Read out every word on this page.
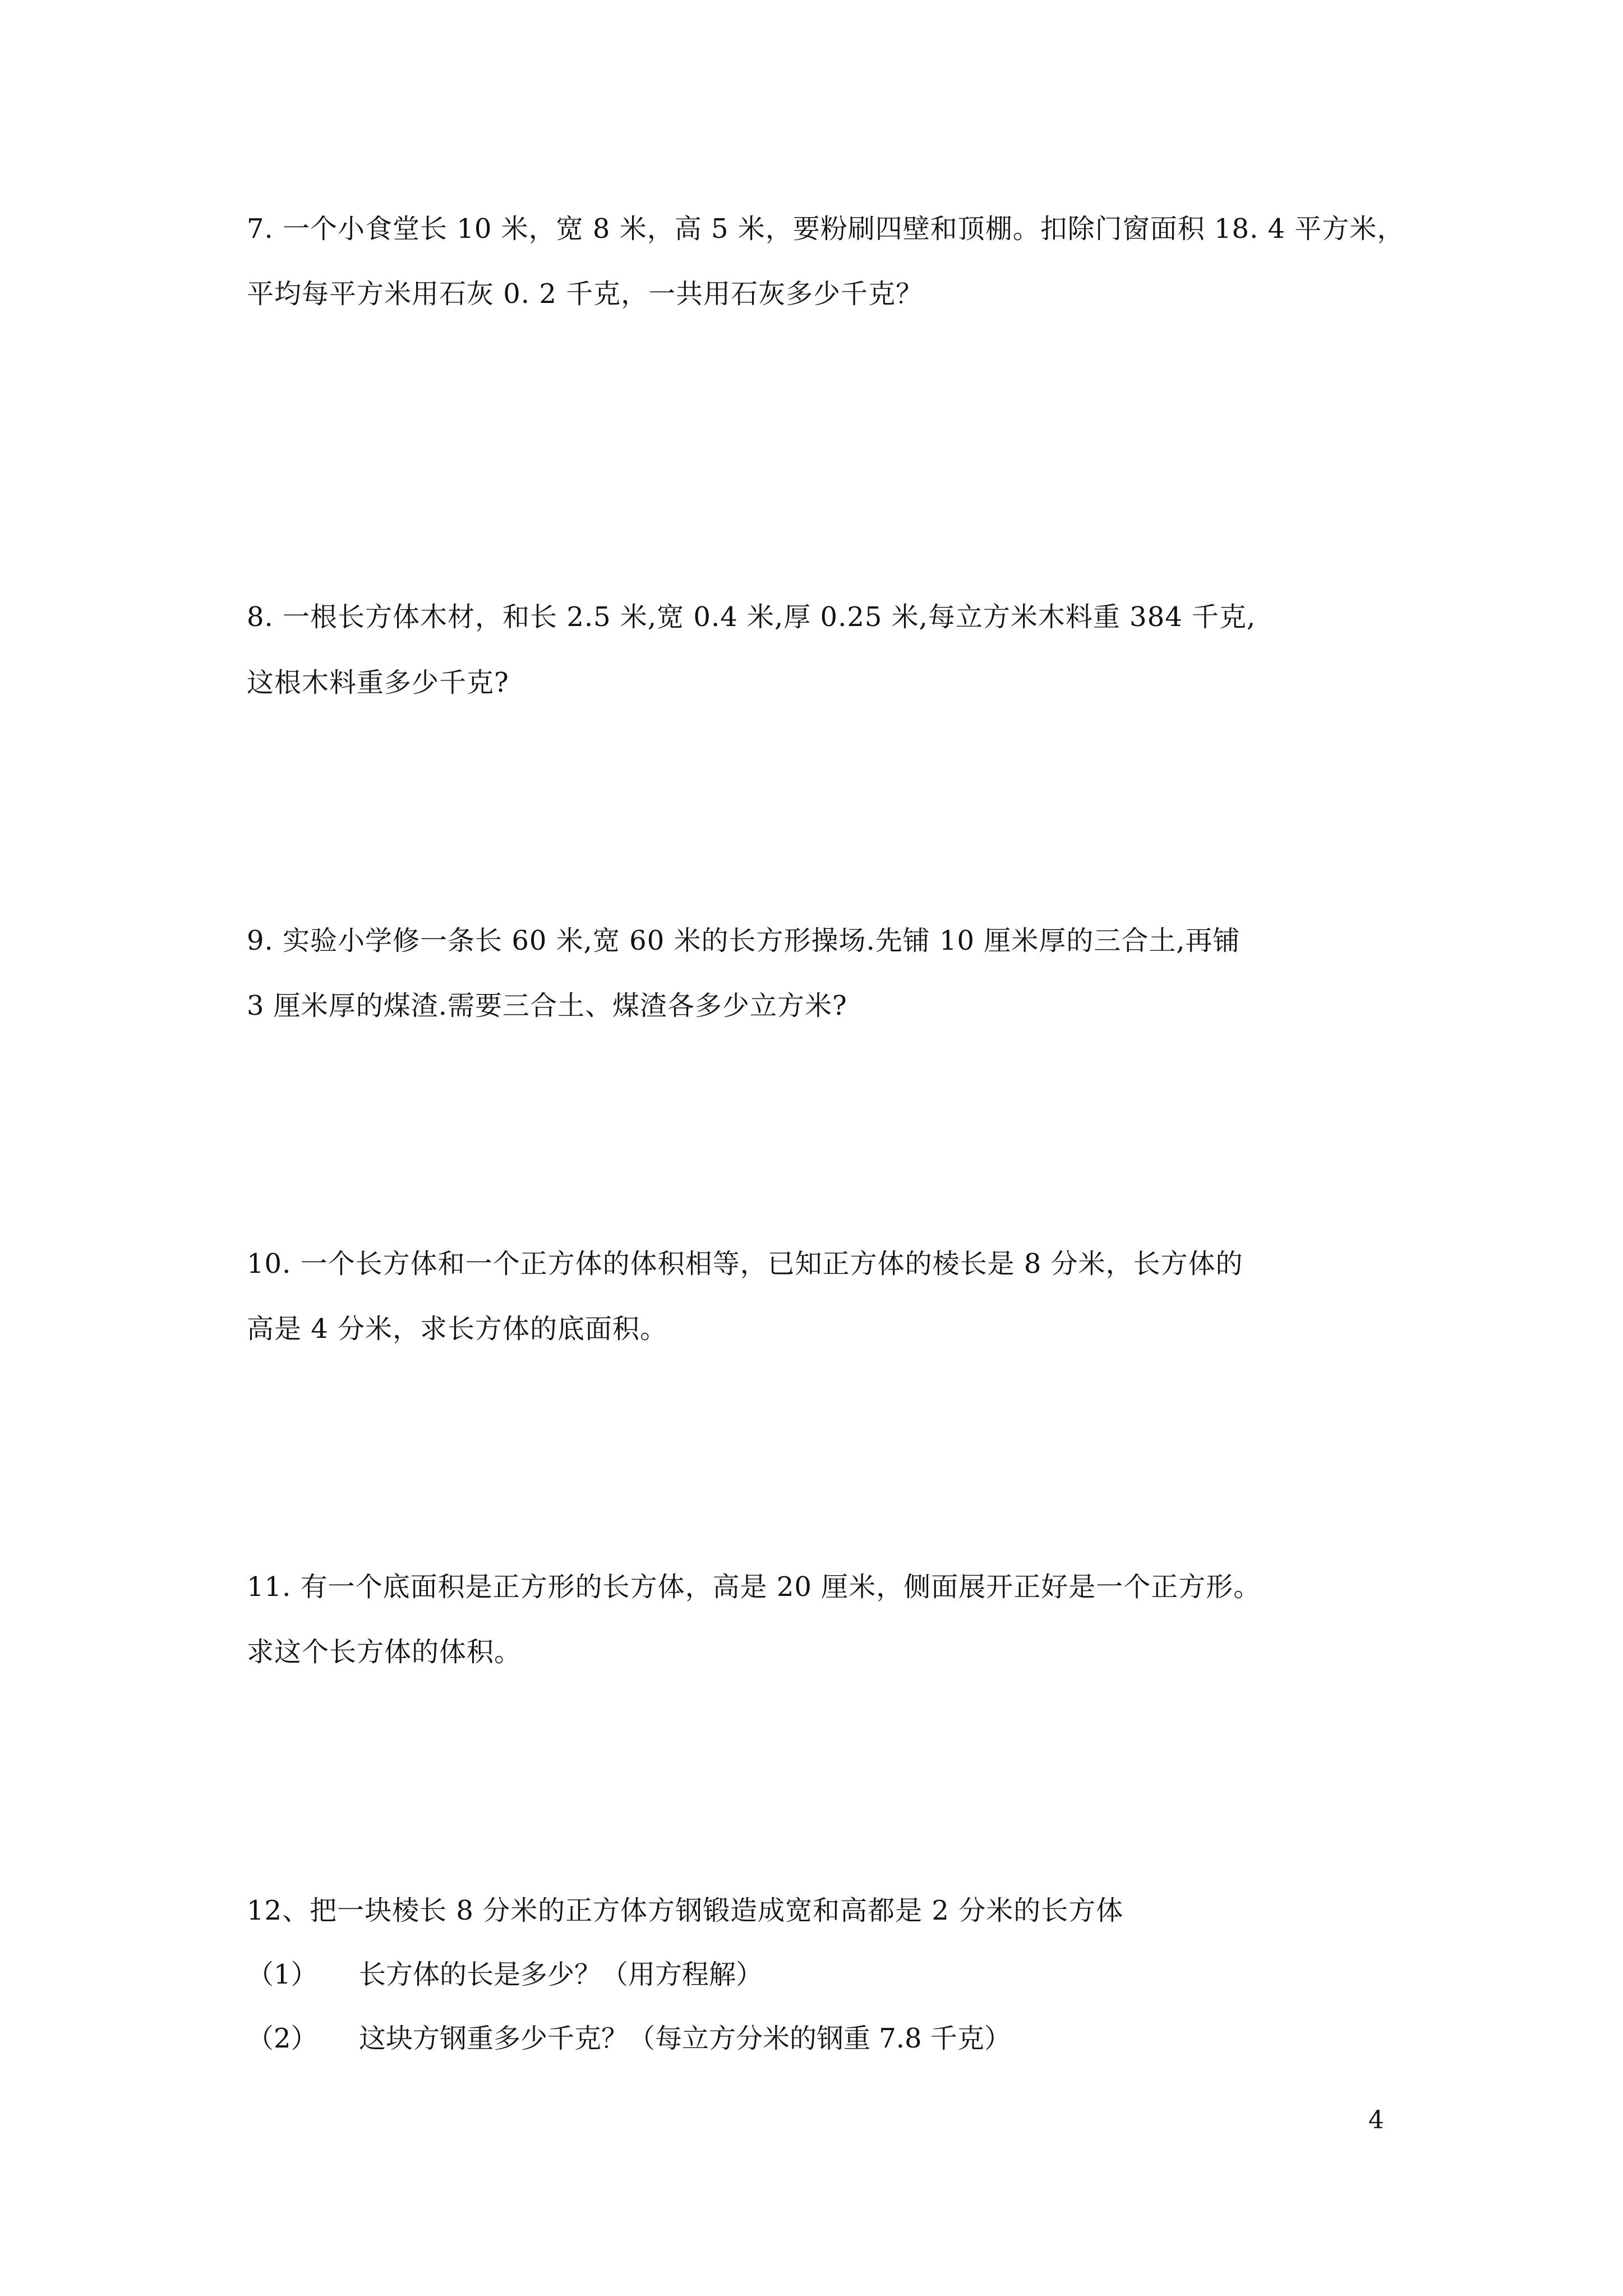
7. 一个小食堂长 10 米，宽 8 米，高 5 米，要粉刷四壁和顶棚。扣除门窗面积 18. 4 平方米，
平均每平方米用石灰 0. 2 千克，一共用石灰多少千克？
8. 一根长方体木材，和长 2.5 米,宽 0.4 米,厚 0.25 米,每立方米木料重 384 千克,
这根木料重多少千克?
9. 实验小学修一条长 60 米,宽 60 米的长方形操场.先铺 10 厘米厚的三合土,再铺
3 厘米厚的煤渣.需要三合土、煤渣各多少立方米?
10. 一个长方体和一个正方体的体积相等，已知正方体的棱长是 8 分米，长方体的
高是 4 分米，求长方体的底面积。
11. 有一个底面积是正方形的长方体，高是 20 厘米，侧面展开正好是一个正方形。
求这个长方体的体积。
12、把一块棱长 8 分米的正方体方钢锻造成宽和高都是 2 分米的长方体
（1） 长方体的长是多少？（用方程解）
（2） 这块方钢重多少千克？（每立方分米的钢重 7.8 千克）
4
